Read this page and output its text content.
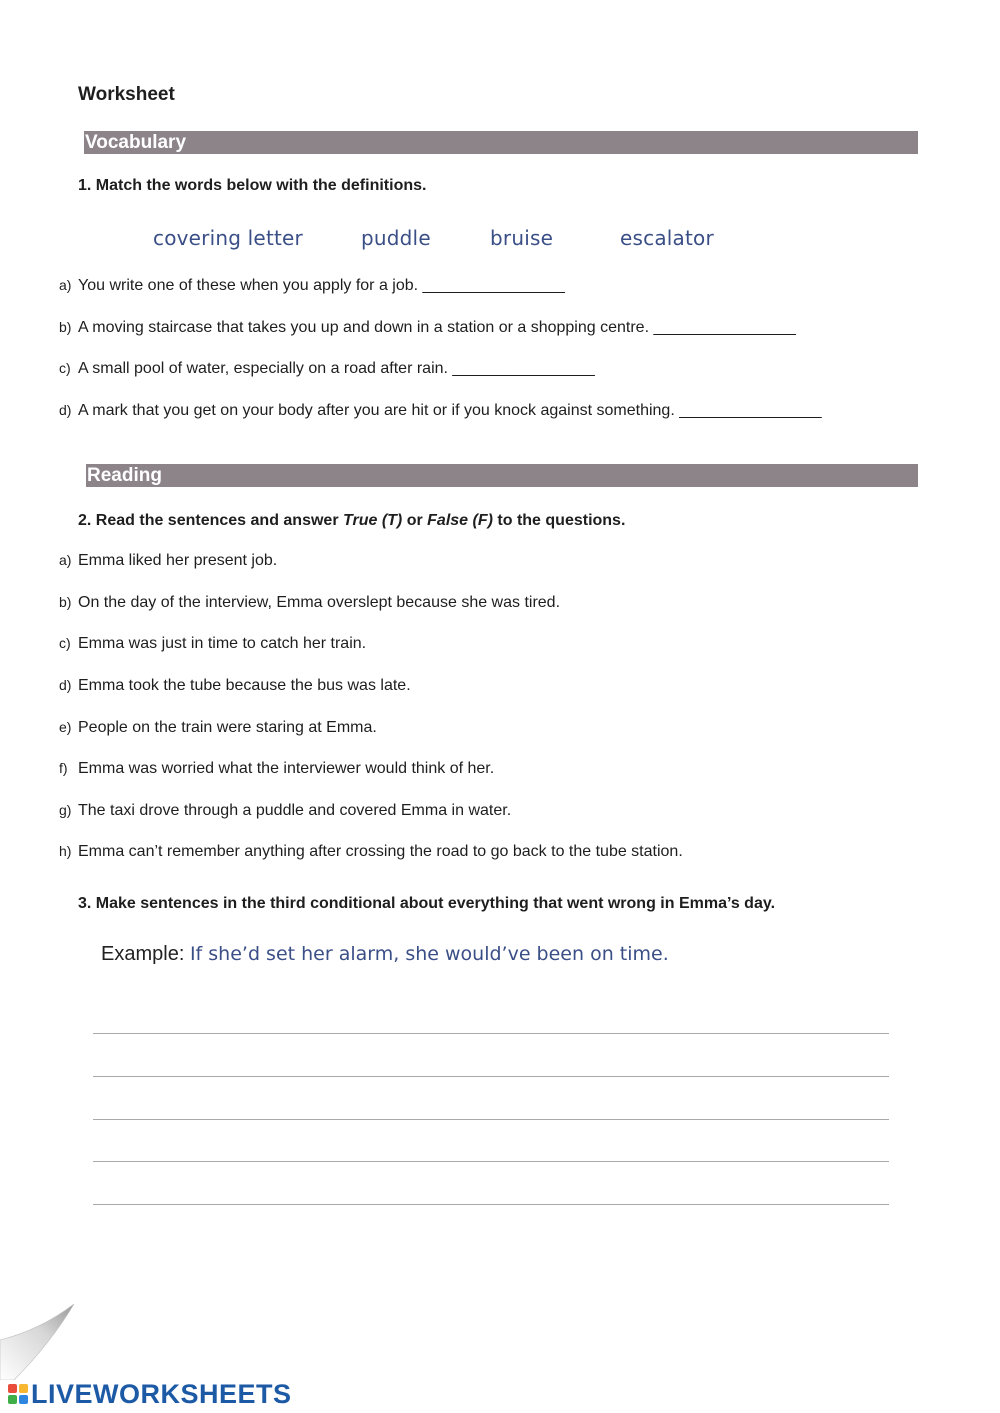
Worksheet
Vocabulary
1. Match the words below with the definitions.
covering letter	puddle	bruise	escalator
a) You write one of these when you apply for a job. ________________
b) A moving staircase that takes you up and down in a station or a shopping centre. ________________
c) A small pool of water, especially on a road after rain. ________________
d) A mark that you get on your body after you are hit or if you knock against something. ________________
Reading
2. Read the sentences and answer True (T) or False (F) to the questions.
a) Emma liked her present job.
b) On the day of the interview, Emma overslept because she was tired.
c) Emma was just in time to catch her train.
d) Emma took the tube because the bus was late.
e) People on the train were staring at Emma.
f) Emma was worried what the interviewer would think of her.
g) The taxi drove through a puddle and covered Emma in water.
h) Emma can’t remember anything after crossing the road to go back to the tube station.
3. Make sentences in the third conditional about everything that went wrong in Emma’s day.
Example: If she’d set her alarm, she would’ve been on time.
LIVEWORKSHEETS
